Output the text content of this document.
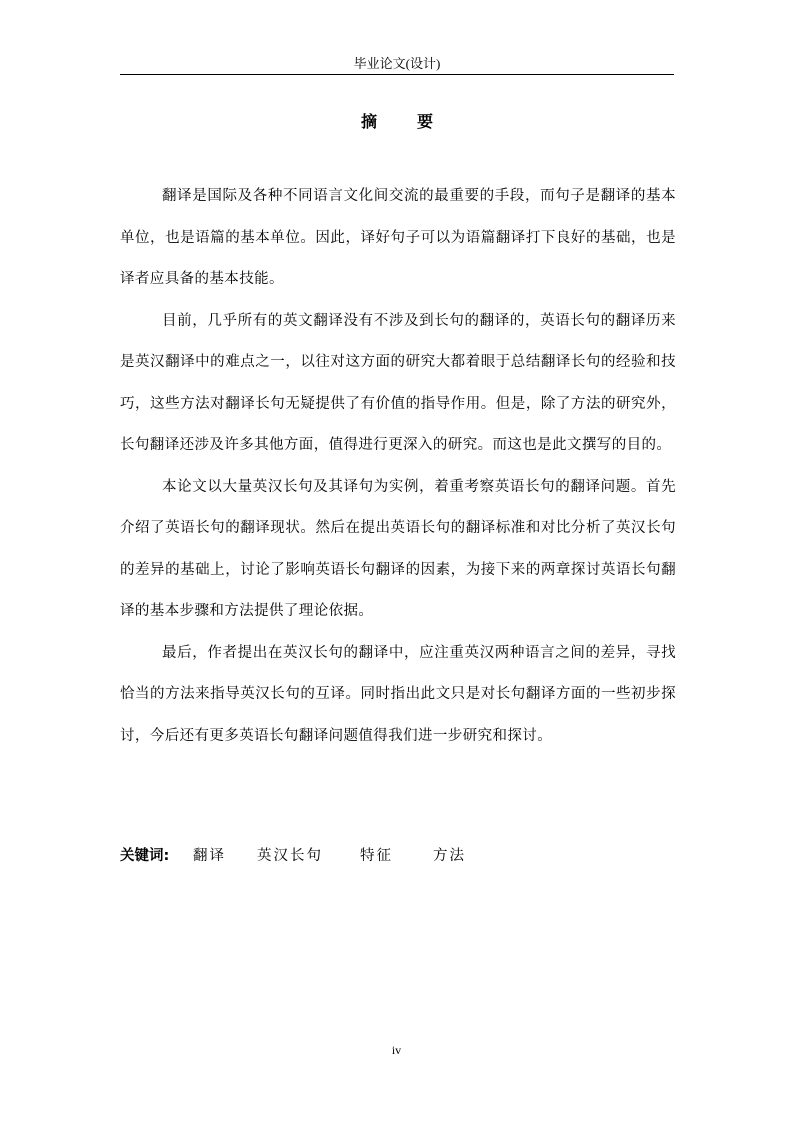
毕业论文(设计)
摘要

翻译是国际及各种不同语言文化间交流的最重要的手段，而句子是翻译的基本单位，也是语篇的基本单位。因此，译好句子可以为语篇翻译打下良好的基础，也是译者应具备的基本技能。

目前，几乎所有的英文翻译没有不涉及到长句的翻译的，英语长句的翻译历来是英汉翻译中的难点之一，以往对这方面的研究大都着眼于总结翻译长句的经验和技巧，这些方法对翻译长句无疑提供了有价值的指导作用。但是，除了方法的研究外，长句翻译还涉及许多其他方面，值得进行更深入的研究。而这也是此文撰写的目的。

本论文以大量英汉长句及其译句为实例，着重考察英语长句的翻译问题。首先介绍了英语长句的翻译现状。然后在提出英语长句的翻译标准和对比分析了英汉长句的差异的基础上，讨论了影响英语长句翻译的因素，为接下来的两章探讨英语长句翻译的基本步骤和方法提供了理论依据。

最后，作者提出在英汉长句的翻译中，应注重英汉两种语言之间的差异，寻找恰当的方法来指导英汉长句的互译。同时指出此文只是对长句翻译方面的一些初步探讨，今后还有更多英语长句翻译问题值得我们进一步研究和探讨。

关键词: 翻译 英汉长句	特征	方法
iv
